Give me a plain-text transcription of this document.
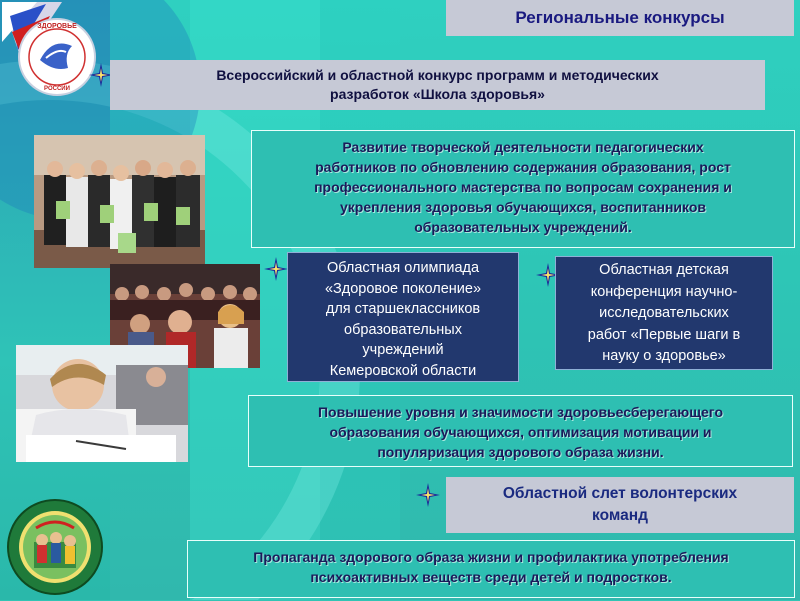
ЗДОРОВЬЕ
РОССИИ
Региональные конкурсы
Всероссийский и областной конкурс программ и методических
разработок «Школа здоровья»
Развитие творческой деятельности педагогических
работников по обновлению содержания образования, рост
профессионального мастерства по вопросам сохранения и
укрепления здоровья обучающихся, воспитанников
образовательных учреждений.
Областная олимпиада
«Здоровое поколение»
для старшеклассников
образовательных
учреждений
Кемеровской области
Областная детская
конференция научно-
исследовательских
работ «Первые шаги в
науку о здоровье»
Повышение уровня и значимости здоровьесберегающего
образования обучающихся, оптимизация мотивации и
популяризация здорового образа жизни.
Областной слет волонтерских
команд
Пропаганда здорового образа жизни и профилактика употребления
психоактивных веществ среди детей и подростков.
